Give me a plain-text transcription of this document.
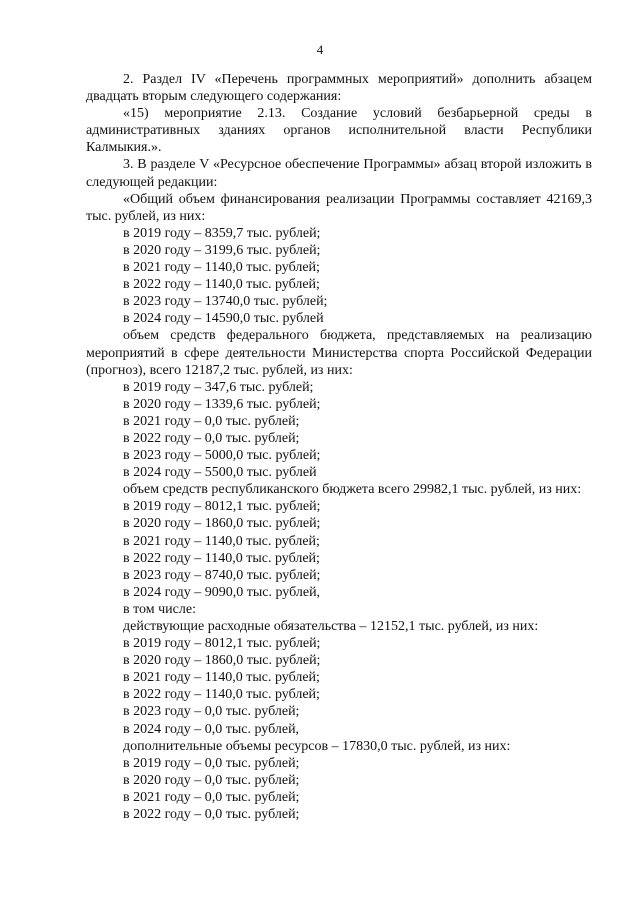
4

2. Раздел IV «Перечень программных мероприятий» дополнить абзацем двадцать вторым следующего содержания:

«15) мероприятие 2.13. Создание условий безбарьерной среды в административных зданиях органов исполнительной власти Республики Калмыкия.».

3. В разделе V «Ресурсное обеспечение Программы» абзац второй изложить в следующей редакции:

«Общий объем финансирования реализации Программы составляет 42169,3 тыс. рублей, из них:

в 2019 году – 8359,7 тыс. рублей;

в 2020 году – 3199,6 тыс. рублей;

в 2021 году – 1140,0 тыс. рублей;

в 2022 году – 1140,0 тыс. рублей;

в 2023 году – 13740,0 тыс. рублей;

в 2024 году – 14590,0 тыс. рублей

объем средств федерального бюджета, представляемых на реализацию мероприятий в сфере деятельности Министерства спорта Российской Федерации (прогноз), всего 12187,2 тыс. рублей, из них:

в 2019 году – 347,6 тыс. рублей;

в 2020 году – 1339,6 тыс. рублей;

в 2021 году – 0,0 тыс. рублей;

в 2022 году – 0,0 тыс. рублей;

в 2023 году – 5000,0 тыс. рублей;

в 2024 году – 5500,0 тыс. рублей

объем средств республиканского бюджета всего 29982,1 тыс. рублей, из них:

в 2019 году – 8012,1 тыс. рублей;

в 2020 году – 1860,0 тыс. рублей;

в 2021 году – 1140,0 тыс. рублей;

в 2022 году – 1140,0 тыс. рублей;

в 2023 году – 8740,0 тыс. рублей;

в 2024 году – 9090,0 тыс. рублей,

в том числе:

действующие расходные обязательства – 12152,1 тыс. рублей, из них:

в 2019 году – 8012,1 тыс. рублей;

в 2020 году – 1860,0 тыс. рублей;

в 2021 году – 1140,0 тыс. рублей;

в 2022 году – 1140,0 тыс. рублей;

в 2023 году – 0,0 тыс. рублей;

в 2024 году – 0,0 тыс. рублей,

дополнительные объемы ресурсов – 17830,0 тыс. рублей, из них:

в 2019 году – 0,0 тыс. рублей;

в 2020 году – 0,0 тыс. рублей;

в 2021 году – 0,0 тыс. рублей;

в 2022 году – 0,0 тыс. рублей;
